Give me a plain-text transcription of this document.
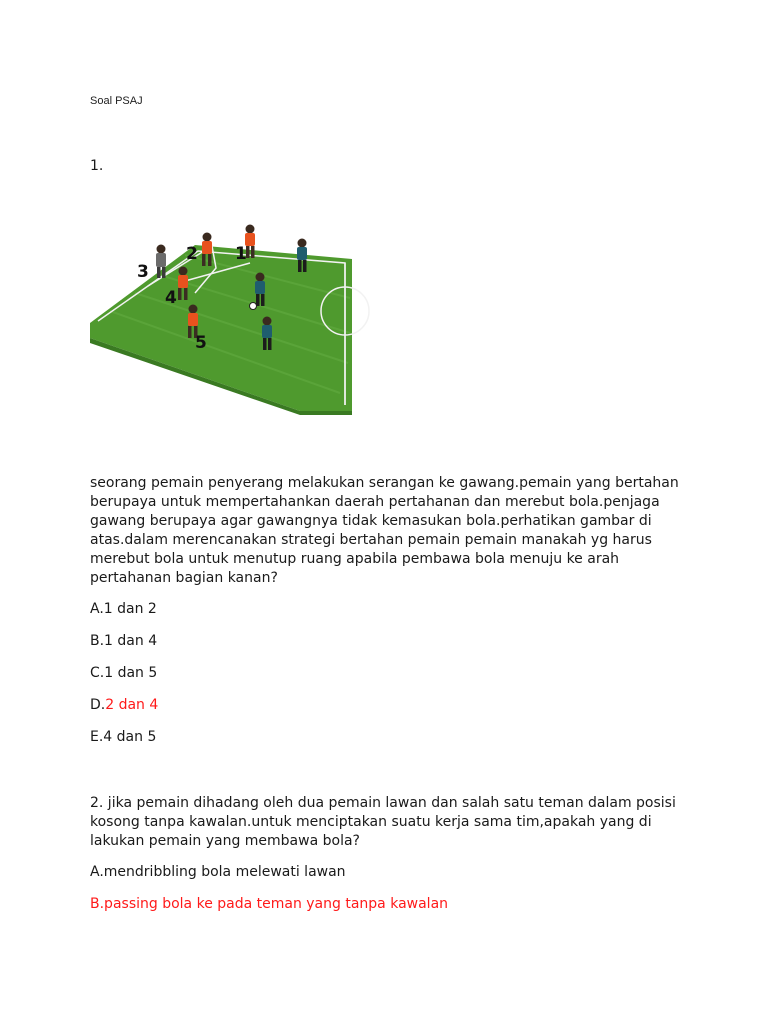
Soal PSAJ
1.
1
2
3
4
5
seorang pemain penyerang melakukan serangan ke gawang.pemain yang bertahan berupaya untuk mempertahankan daerah pertahanan dan merebut bola.penjaga gawang berupaya agar gawangnya tidak kemasukan bola.perhatikan gambar di atas.dalam merencanakan strategi bertahan pemain pemain manakah yg harus merebut bola untuk menutup ruang apabila pembawa bola menuju ke arah pertahanan bagian kanan?
A.1 dan 2
B.1 dan 4
C.1 dan 5
D.2 dan 4
E.4 dan 5
2. jika pemain dihadang oleh dua pemain lawan dan salah satu teman dalam posisi kosong tanpa kawalan.untuk menciptakan suatu kerja sama tim,apakah yang di lakukan pemain yang membawa bola?
A.mendribbling bola melewati lawan
B.passing bola ke pada teman yang tanpa kawalan
